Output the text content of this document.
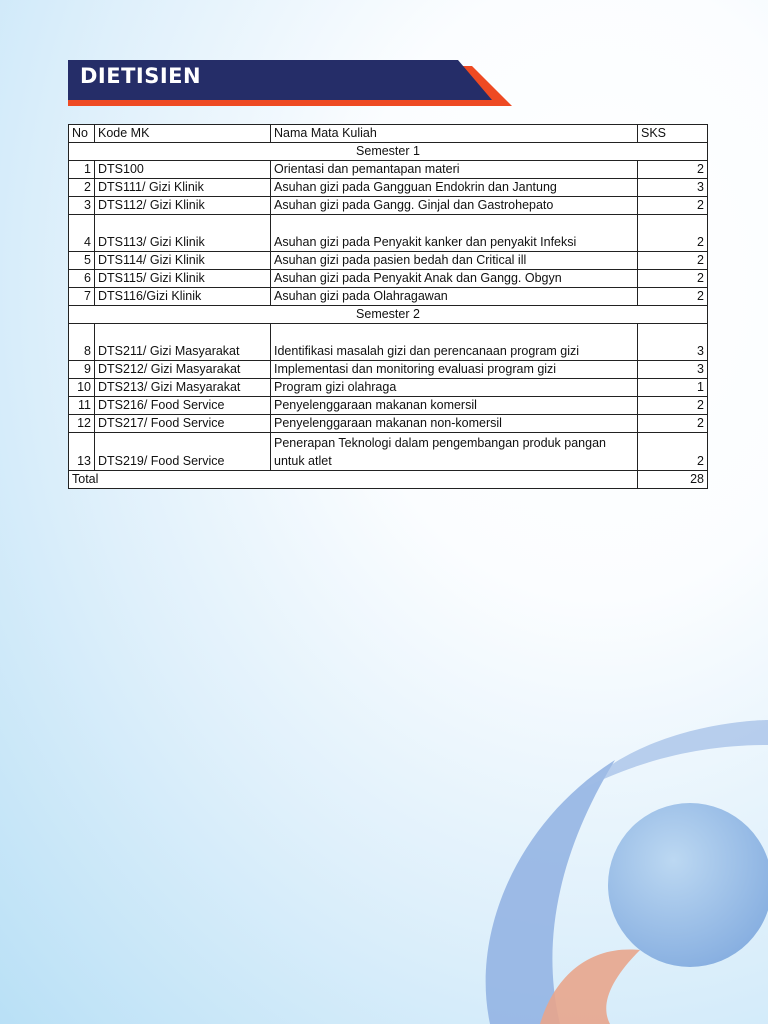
DIETISIEN
No	Kode MK	Nama Mata Kuliah	SKS
Semester 1			
1	DTS100	Orientasi dan pemantapan materi	2
2	DTS111/ Gizi Klinik	Asuhan gizi pada Gangguan Endokrin dan Jantung	3
3	DTS112/ Gizi Klinik	Asuhan gizi pada Gangg. Ginjal dan Gastrohepato	2
4	DTS113/ Gizi Klinik	Asuhan gizi pada Penyakit kanker dan penyakit Infeksi	2
5	DTS114/ Gizi Klinik	Asuhan gizi pada pasien bedah dan Critical ill	2
6	DTS115/ Gizi Klinik	Asuhan gizi pada Penyakit Anak dan Gangg. Obgyn	2
7	DTS116/Gizi Klinik	Asuhan gizi pada Olahragawan	2
Semester 2			
8	DTS211/ Gizi Masyarakat	Identifikasi masalah gizi dan perencanaan program gizi	3
9	DTS212/ Gizi Masyarakat	Implementasi dan monitoring evaluasi program gizi	3
10	DTS213/ Gizi Masyarakat	Program gizi olahraga	1
11	DTS216/ Food Service	Penyelenggaraan makanan komersil	2
12	DTS217/ Food Service	Penyelenggaraan makanan non-komersil	2
13	DTS219/ Food Service	Penerapan Teknologi dalam pengembangan produk pangan untuk atlet	2
Total			28
